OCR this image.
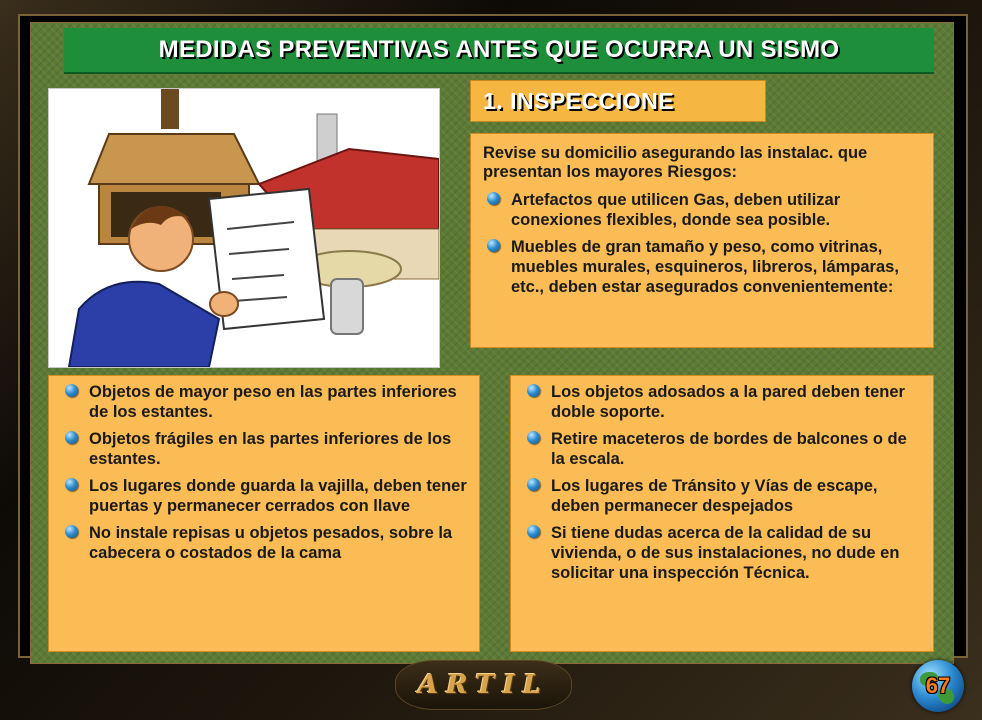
MEDIDAS PREVENTIVAS ANTES QUE OCURRA UN SISMO
1. INSPECCIONE

Revise su domicilio asegurando las instalac. que presentan los mayores Riesgos:

Artefactos que utilicen Gas, deben utilizar conexiones flexibles, donde sea posible.
Muebles de gran tamaño y peso, como vitrinas, muebles murales, esquineros, libreros, lámparas, etc., deben estar asegurados convenientemente:
Objetos de mayor peso en las partes inferiores de los estantes.
Objetos frágiles en las partes inferiores de los estantes.
Los lugares donde guarda la vajilla, deben tener puertas y permanecer cerrados con llave
No instale repisas u objetos pesados, sobre la cabecera o costados de la cama
Los objetos adosados a la pared deben tener doble soporte.
Retire maceteros de bordes de balcones o de la escala.
Los lugares de Tránsito y Vías de escape, deben permanecer despejados
Si tiene dudas acerca de la calidad de su vivienda, o de sus instalaciones, no dude en solicitar una inspección Técnica.
ARTIL	67
